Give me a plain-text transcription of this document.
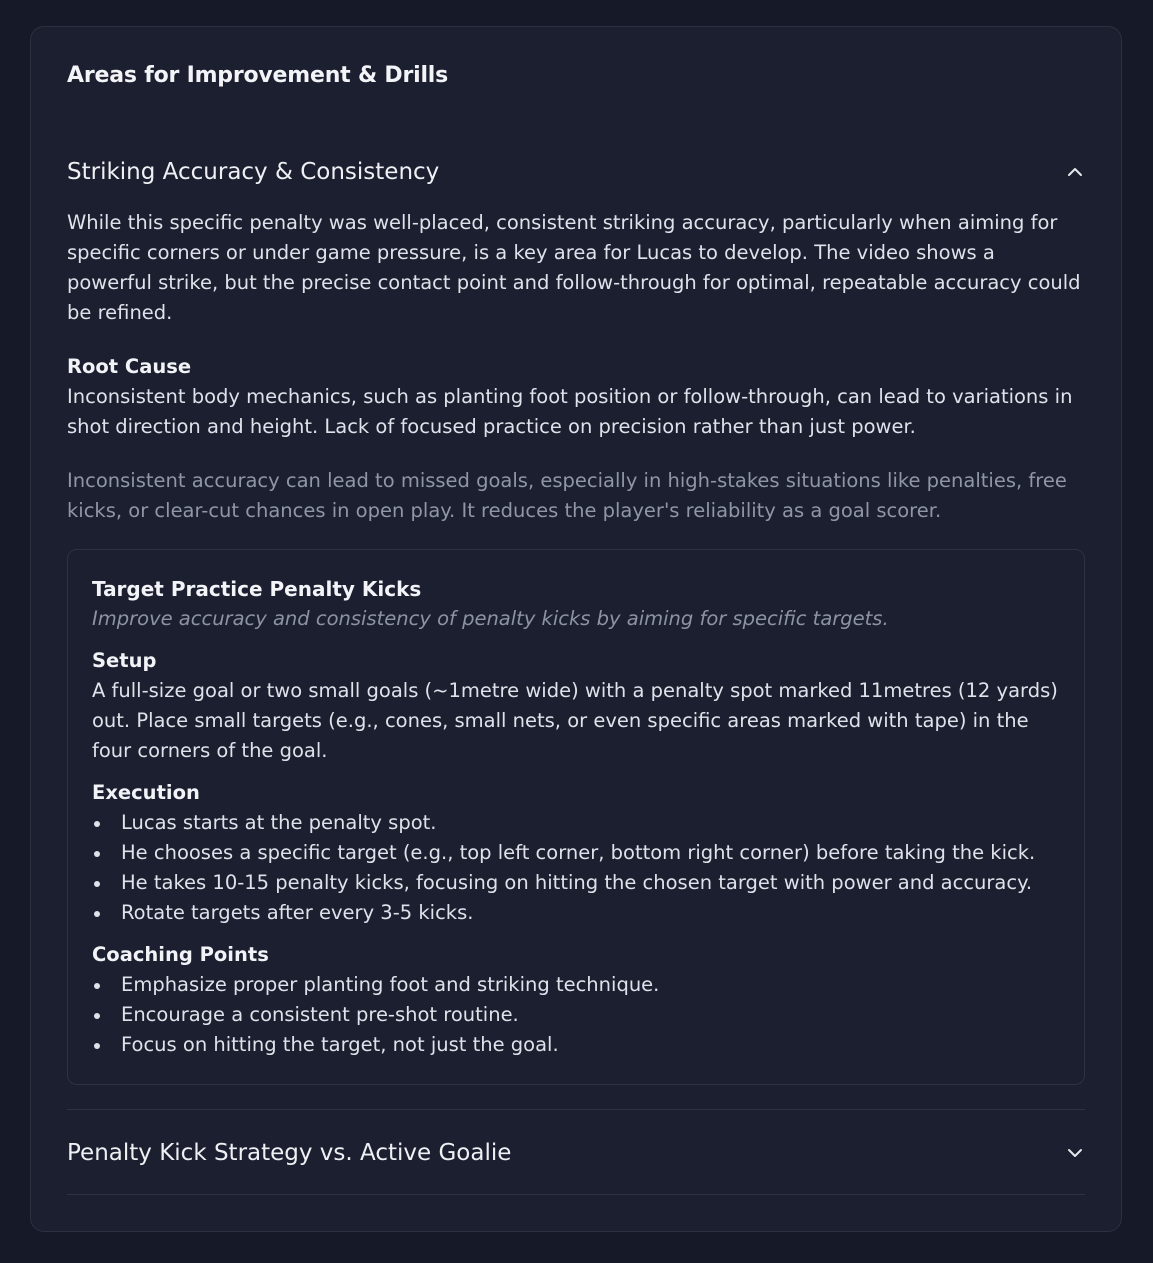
Areas for Improvement & Drills
Striking Accuracy & Consistency

While this specific penalty was well-placed, consistent striking accuracy, particularly when aiming for specific corners or under game pressure, is a key area for Lucas to develop. The video shows a powerful strike, but the precise contact point and follow-through for optimal, repeatable accuracy could be refined.

Root Cause
Inconsistent body mechanics, such as planting foot position or follow-through, can lead to variations in shot direction and height. Lack of focused practice on precision rather than just power.

Inconsistent accuracy can lead to missed goals, especially in high-stakes situations like penalties, free kicks, or clear-cut chances in open play. It reduces the player's reliability as a goal scorer.

Target Practice Penalty Kicks
Improve accuracy and consistency of penalty kicks by aiming for specific targets.
Setup

A full-size goal or two small goals (~1metre wide) with a penalty spot marked 11metres (12 yards) out. Place small targets (e.g., cones, small nets, or even specific areas marked with tape) in the four corners of the goal.

Execution
Lucas starts at the penalty spot.
He chooses a specific target (e.g., top left corner, bottom right corner) before taking the kick.
He takes 10-15 penalty kicks, focusing on hitting the chosen target with power and accuracy.
Rotate targets after every 3-5 kicks.
Coaching Points
Emphasize proper planting foot and striking technique.
Encourage a consistent pre-shot routine.
Focus on hitting the target, not just the goal.
Penalty Kick Strategy vs. Active Goalie
